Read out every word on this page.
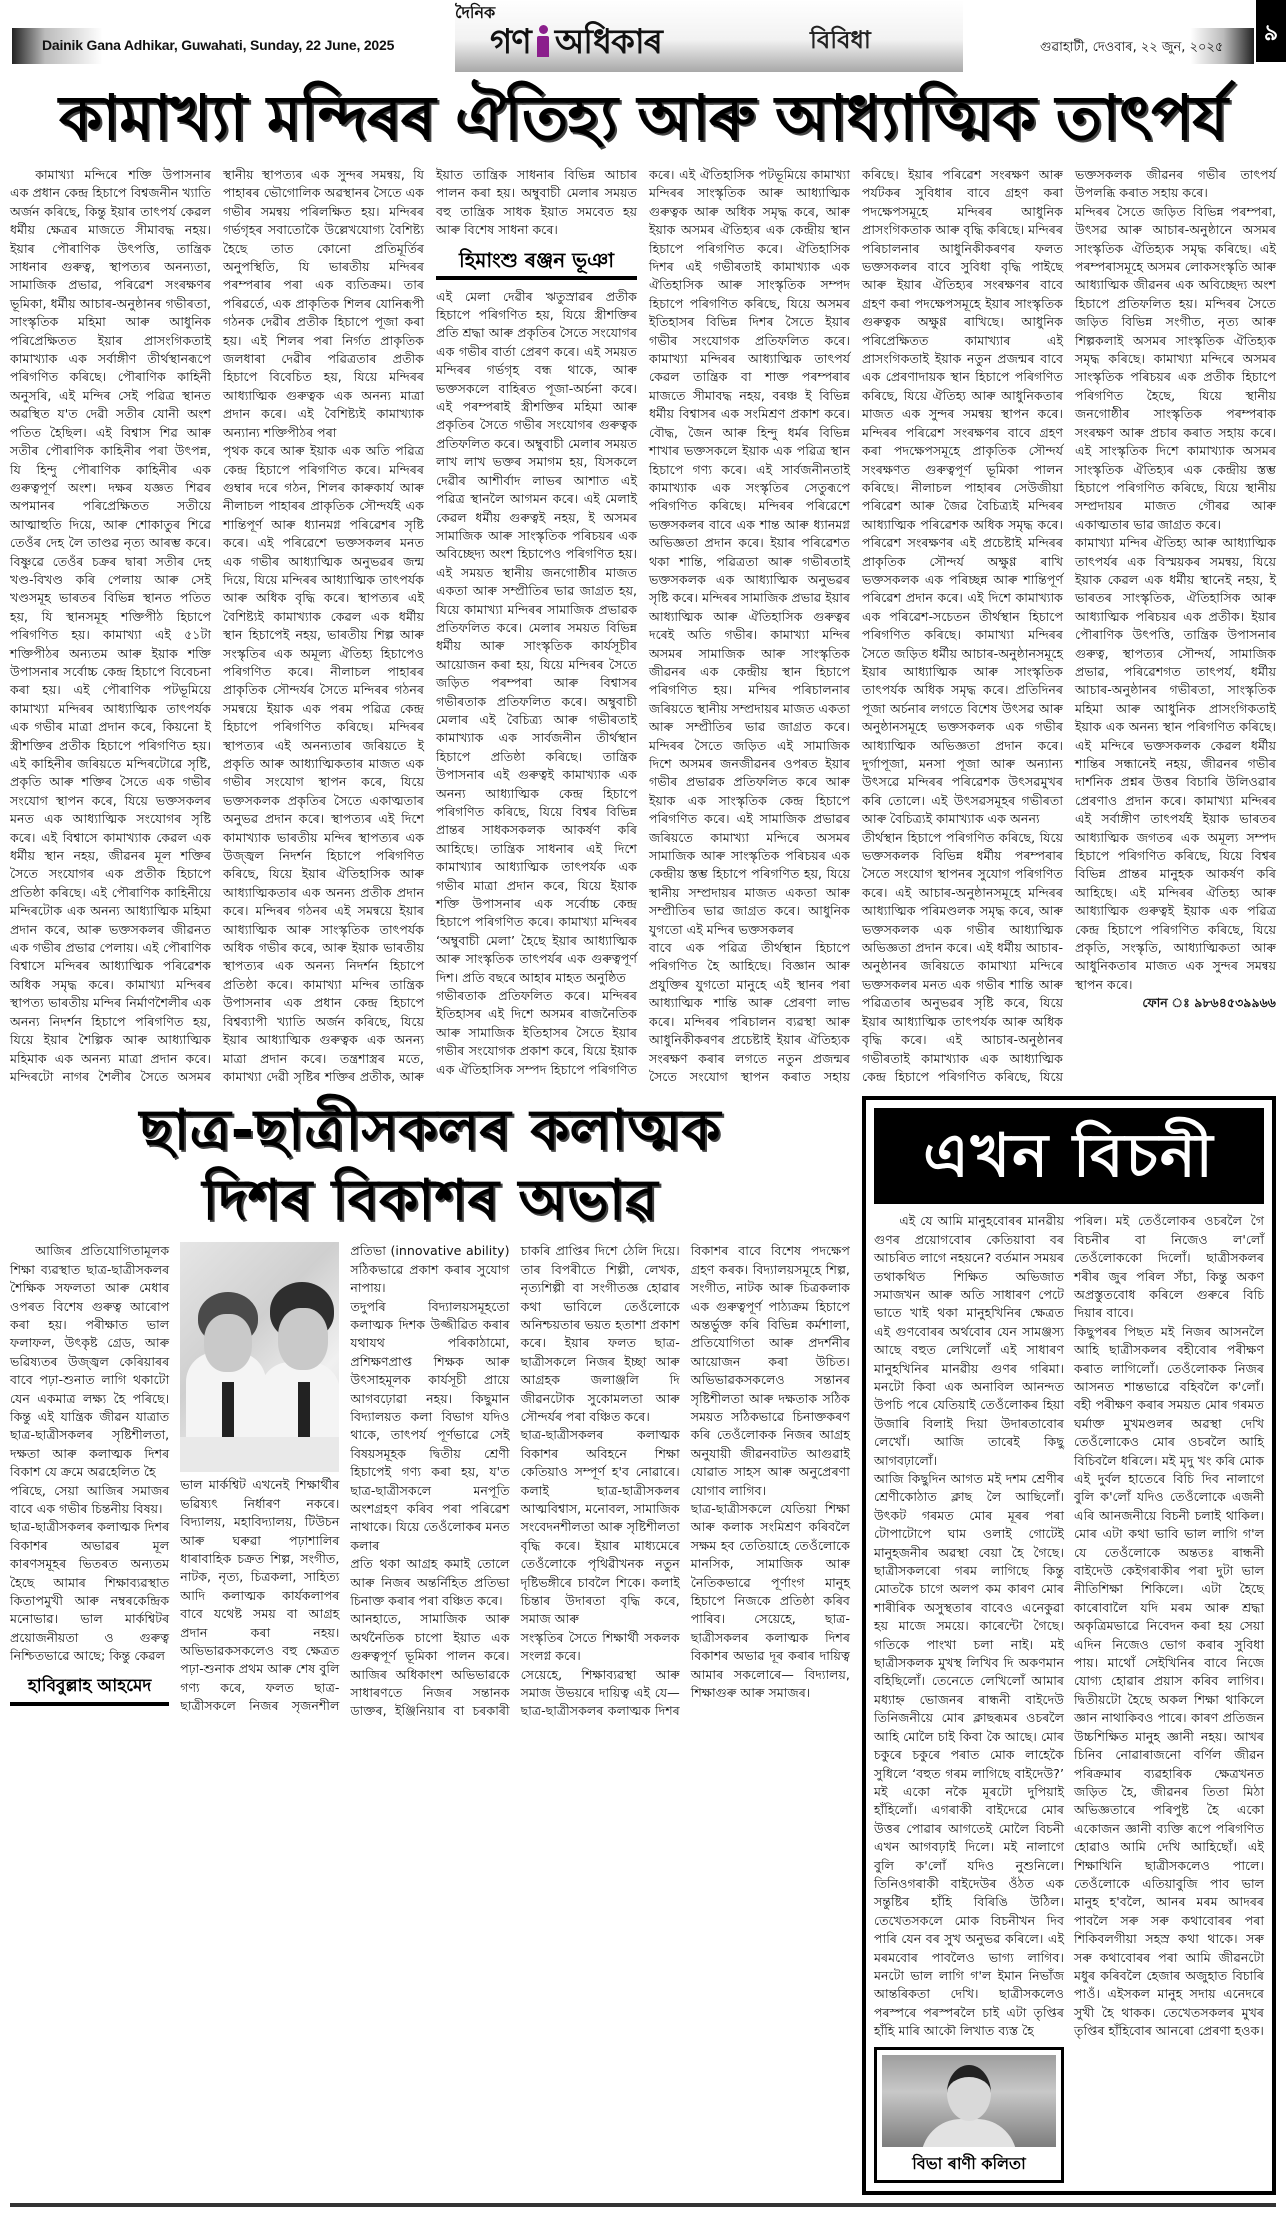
Dainik Gana Adhikar, Guwahati, Sunday, 22 June, 2025
দৈনিক
গণ অধিকাৰ	বিবিধা	গুৱাহাটী, দেওবাৰ, ২২ জুন, ২০২৫
৯
কামাখ্যা মন্দিৰৰ ঐতিহ্য আৰু আধ্যাত্মিক তাৎপৰ্য

কামাখ্যা মন্দিৰে শক্তি উপাসনাৰ এক প্ৰধান কেন্দ্ৰ হিচাপে বিশ্বজনীন খ্যাতি অৰ্জন কৰিছে, কিন্তু ইয়াৰ তাৎপৰ্য কেৱল ধৰ্মীয় ক্ষেত্ৰৰ মাজতে সীমাবদ্ধ নহয়। ইয়াৰ পৌৰাণিক উৎপত্তি, তান্ত্ৰিক সাধনাৰ গুৰুত্ব, স্থাপত্যৰ অনন্যতা, সামাজিক প্ৰভাৱ, পৰিৱেশ সংৰক্ষণৰ ভূমিকা, ধৰ্মীয় আচাৰ-অনুষ্ঠানৰ গভীৰতা, সাংস্কৃতিক মহিমা আৰু আধুনিক পৰিপ্ৰেক্ষিতত ইয়াৰ প্ৰাসংগিকতাই কামাখ্যাক এক সৰ্বাঙ্গীণ তীৰ্থস্থানৰূপে পৰিগণিত কৰিছে। পৌৰাণিক কাহিনী অনুসৰি, এই মন্দিৰ সেই পৱিত্ৰ স্থানত অৱস্থিত য'ত দেৱী সতীৰ যোনী অংশ পতিত হৈছিল। এই বিশ্বাস শিৱ আৰু সতীৰ পৌৰাণিক কাহিনীৰ পৰা উৎপন্ন, যি হিন্দু পৌৰাণিক কাহিনীৰ এক গুৰুত্বপূৰ্ণ অংশ। দক্ষৰ যজ্ঞত শিৱৰ অপমানৰ পৰিপ্ৰেক্ষিতত সতীয়ে আত্মাহুতি দিয়ে, আৰু শোকাতুৰ শিৱে তেওঁৰ দেহ লৈ তাণ্ডৱ নৃত্য আৰম্ভ কৰে। বিষ্ণুৱে তেওঁৰ চক্ৰৰ দ্বাৰা সতীৰ দেহ খণ্ড-বিখণ্ড কৰি পেলায় আৰু সেই খণ্ডসমূহ ভাৰতৰ বিভিন্ন স্থানত পতিত হয়, যি স্থানসমূহ শক্তিপীঠ হিচাপে পৰিগণিত হয়। কামাখ্যা এই ৫১টা শক্তিপীঠৰ অন্যতম আৰু ইয়াক শক্তি উপাসনাৰ সৰ্বোচ্চ কেন্দ্ৰ হিচাপে বিবেচনা কৰা হয়। এই পৌৰাণিক পটভূমিয়ে কামাখ্যা মন্দিৰৰ আধ্যাত্মিক তাৎপৰ্যক এক গভীৰ মাত্ৰা প্ৰদান কৰে, কিয়নো ই স্ত্ৰীশক্তিৰ প্ৰতীক হিচাপে পৰিগণিত হয়। এই কাহিনীৰ জৰিয়তে মন্দিৰটোৱে সৃষ্টি, প্ৰকৃতি আৰু শক্তিৰ সৈতে এক গভীৰ সংযোগ স্থাপন কৰে, যিয়ে ভক্তসকলৰ মনত এক আধ্যাত্মিক সংযোগৰ সৃষ্টি কৰে। এই বিশ্বাসে কামাখ্যাক কেৱল এক ধৰ্মীয় স্থান নহয়, জীৱনৰ মূল শক্তিৰ সৈতে সংযোগৰ এক প্ৰতীক হিচাপে প্ৰতিষ্ঠা কৰিছে। এই পৌৰাণিক কাহিনীয়ে মন্দিৰটোক এক অনন্য আধ্যাত্মিক মহিমা প্ৰদান কৰে, আৰু ভক্তসকলৰ জীৱনত এক গভীৰ প্ৰভাৱ পেলায়। এই পৌৰাণিক বিশ্বাসে মন্দিৰৰ আধ্যাত্মিক পৰিৱেশক অধিক সমৃদ্ধ কৰে। কামাখ্যা মন্দিৰৰ স্থাপত্য ভাৰতীয় মন্দিৰ নিৰ্মাণশৈলীৰ এক অনন্য নিদৰ্শন হিচাপে পৰিগণিত হয়, যিয়ে ইয়াৰ শৈল্পিক আৰু আধ্যাত্মিক মহিমাক এক অনন্য মাত্ৰা প্ৰদান কৰে। মন্দিৰটো নাগৰ শৈলীৰ সৈতে অসমৰ স্থানীয় স্থাপত্যৰ এক সুন্দৰ সমন্বয়, যি পাহাৰৰ ভৌগোলিক অৱস্থানৰ সৈতে এক গভীৰ সমন্বয় পৰিলক্ষিত হয়। মন্দিৰৰ গৰ্ভগৃহৰ সবাতোকৈ উল্লেখযোগ্য বৈশিষ্ট্য হৈছে তাত কোনো প্ৰতিমূৰ্তিৰ অনুপস্থিতি, যি ভাৰতীয় মন্দিৰৰ পৰম্পৰাৰ পৰা এক ব্যতিক্ৰম। তাৰ পৰিৱৰ্তে, এক প্ৰাকৃতিক শিলৰ যোনিৰূপী গঠনক দেৱীৰ প্ৰতীক হিচাপে পূজা কৰা হয়। এই শিলৰ পৰা নিৰ্গত প্ৰাকৃতিক জলধাৰা দেৱীৰ পৱিত্ৰতাৰ প্ৰতীক হিচাপে বিবেচিত হয়, যিয়ে মন্দিৰৰ আধ্যাত্মিক গুৰুত্বক এক অনন্য মাত্ৰা প্ৰদান কৰে। এই বৈশিষ্ট্যই কামাখ্যাক অন্যান্য শক্তিপীঠৰ পৰা

পৃথক কৰে আৰু ইয়াক এক অতি পৱিত্ৰ কেন্দ্ৰ হিচাপে পৰিগণিত কৰে। মন্দিৰৰ গুম্বাৰ দৰে গঠন, শিলৰ কাৰুকাৰ্য আৰু নীলাচল পাহাৰৰ প্ৰাকৃতিক সৌন্দৰ্যই এক শান্তিপূৰ্ণ আৰু ধ্যানমগ্ন পৰিৱেশৰ সৃষ্টি কৰে। এই পৰিৱেশে ভক্তসকলৰ মনত এক গভীৰ আধ্যাত্মিক অনুভৱৰ জন্ম দিয়ে, যিয়ে মন্দিৰৰ আধ্যাত্মিক তাৎপৰ্যক আৰু অধিক বৃদ্ধি কৰে। স্থাপত্যৰ এই বৈশিষ্ট্যই কামাখ্যাক কেৱল এক ধৰ্মীয় স্থান হিচাপেই নহয়, ভাৰতীয় শিল্প আৰু সংস্কৃতিৰ এক অমূল্য ঐতিহ্য হিচাপেও পৰিগণিত কৰে। নীলাচল পাহাৰৰ প্ৰাকৃতিক সৌন্দৰ্যৰ সৈতে মন্দিৰৰ গঠনৰ সমন্বয়ে ইয়াক এক পৰম পৱিত্ৰ কেন্দ্ৰ হিচাপে পৰিগণিত কৰিছে। মন্দিৰৰ স্থাপত্যৰ এই অনন্যতাৰ জৰিয়তে ই প্ৰকৃতি আৰু আধ্যাত্মিকতাৰ মাজত এক গভীৰ সংযোগ স্থাপন কৰে, যিয়ে ভক্তসকলক প্ৰকৃতিৰ সৈতে একাত্মতাৰ অনুভৱ প্ৰদান কৰে। স্থাপত্যৰ এই দিশে কামাখ্যাক ভাৰতীয় মন্দিৰ স্থাপত্যৰ এক উজ্জ্বল নিদৰ্শন হিচাপে পৰিগণিত কৰিছে, যিয়ে ইয়াৰ ঐতিহাসিক আৰু আধ্যাত্মিকতাৰ এক অনন্য প্ৰতীক প্ৰদান কৰে। মন্দিৰৰ গঠনৰ এই সমন্বয়ে ইয়াৰ আধ্যাত্মিক আৰু সাংস্কৃতিক তাৎপৰ্যক অধিক গভীৰ কৰে, আৰু ইয়াক ভাৰতীয় স্থাপত্যৰ এক অনন্য নিদৰ্শন হিচাপে প্ৰতিষ্ঠা কৰে। কামাখ্যা মন্দিৰ তান্ত্ৰিক উপাসনাৰ এক প্ৰধান কেন্দ্ৰ হিচাপে বিশ্বব্যাপী খ্যাতি অৰ্জন কৰিছে, যিয়ে ইয়াৰ আধ্যাত্মিক গুৰুত্বক এক অনন্য মাত্ৰা প্ৰদান কৰে। তন্ত্ৰশাস্ত্ৰৰ মতে, কামাখ্যা দেৱী সৃষ্টিৰ শক্তিৰ প্ৰতীক, আৰু ইয়াত তান্ত্ৰিক সাধনাৰ বিভিন্ন আচাৰ পালন কৰা হয়। অম্বুবাচী মেলাৰ সময়ত বহু তান্ত্ৰিক সাধক ইয়াত সমবেত হয় আৰু বিশেষ সাধনা কৰে।

হিমাংশু ৰঞ্জন ভূঞা

এই মেলা দেৱীৰ ঋতুস্ৰাৱৰ প্ৰতীক হিচাপে পৰিগণিত হয়, যিয়ে স্ত্ৰীশক্তিৰ প্ৰতি শ্ৰদ্ধা আৰু প্ৰকৃতিৰ সৈতে সংযোগৰ এক গভীৰ বাৰ্তা প্ৰেৰণ কৰে। এই সময়ত মন্দিৰৰ গৰ্ভগৃহ বন্ধ থাকে, আৰু ভক্তসকলে বাহিৰত পূজা-অৰ্চনা কৰে। এই পৰম্পৰাই স্ত্ৰীশক্তিৰ মহিমা আৰু প্ৰকৃতিৰ সৈতে গভীৰ সংযোগৰ গুৰুত্বক প্ৰতিফলিত কৰে। অম্বুবাচী মেলাৰ সময়ত লাখ লাখ ভক্তৰ সমাগম হয়, যিসকলে দেৱীৰ আশীৰ্বাদ লাভৰ আশাত এই পৱিত্ৰ স্থানলৈ আগমন কৰে। এই মেলাই কেৱল ধৰ্মীয় গুৰুত্বই নহয়, ই অসমৰ সামাজিক আৰু সাংস্কৃতিক পৰিচয়ৰ এক অবিচ্ছেদ্য অংশ হিচাপেও পৰিগণিত হয়। এই সময়ত স্থানীয় জনগোষ্ঠীৰ মাজত একতা আৰু সম্প্ৰীতিৰ ভাৱ জাগ্ৰত হয়, যিয়ে কামাখ্যা মন্দিৰৰ সামাজিক প্ৰভাৱক প্ৰতিফলিত কৰে। মেলাৰ সময়ত বিভিন্ন ধৰ্মীয় আৰু সাংস্কৃতিক কাৰ্যসূচীৰ আয়োজন কৰা হয়, যিয়ে মন্দিৰৰ সৈতে জড়িত পৰম্পৰা আৰু বিশ্বাসৰ গভীৰতাক প্ৰতিফলিত কৰে। অম্বুবাচী মেলাৰ এই বৈচিত্ৰ্য আৰু গভীৰতাই কামাখ্যাক এক সাৰ্বজনীন তীৰ্থস্থান হিচাপে প্ৰতিষ্ঠা কৰিছে। তান্ত্ৰিক উপাসনাৰ এই গুৰুত্বই কামাখ্যাক এক অনন্য আধ্যাত্মিক কেন্দ্ৰ হিচাপে পৰিগণিত কৰিছে, যিয়ে বিশ্বৰ বিভিন্ন প্ৰান্তৰ সাধকসকলক আকৰ্ষণ কৰি আহিছে। তান্ত্ৰিক সাধনাৰ এই দিশে কামাখ্যাৰ আধ্যাত্মিক তাৎপৰ্যক এক গভীৰ মাত্ৰা প্ৰদান কৰে, যিয়ে ইয়াক শক্তি উপাসনাৰ এক সৰ্বোচ্চ কেন্দ্ৰ হিচাপে পৰিগণিত কৰে। কামাখ্যা মন্দিৰৰ ‘অম্বুবাচী মেলা’ হৈছে ইয়াৰ আধ্যাত্মিক আৰু সাংস্কৃতিক তাৎপৰ্যৰ এক গুৰুত্বপূৰ্ণ দিশ। প্ৰতি বছৰে আহাৰ মাহত অনুষ্ঠিত

গভীৰতাক প্ৰতিফলিত কৰে। মন্দিৰৰ ইতিহাসৰ এই দিশে অসমৰ ৰাজনৈতিক আৰু সামাজিক ইতিহাসৰ সৈতে ইয়াৰ গভীৰ সংযোগক প্ৰকাশ কৰে, যিয়ে ইয়াক এক ঐতিহাসিক সম্পদ হিচাপে পৰিগণিত কৰে। এই ঐতিহাসিক পটভূমিয়ে কামাখ্যা মন্দিৰৰ সাংস্কৃতিক আৰু আধ্যাত্মিক গুৰুত্বক আৰু অধিক সমৃদ্ধ কৰে, আৰু ইয়াক অসমৰ ঐতিহ্যৰ এক কেন্দ্ৰীয় স্থান হিচাপে পৰিগণিত কৰে। ঐতিহাসিক দিশৰ এই গভীৰতাই কামাখ্যাক এক ঐতিহাসিক আৰু সাংস্কৃতিক সম্পদ হিচাপে পৰিগণিত কৰিছে, যিয়ে অসমৰ ইতিহাসৰ বিভিন্ন দিশৰ সৈতে ইয়াৰ গভীৰ সংযোগক প্ৰতিফলিত কৰে। কামাখ্যা মন্দিৰৰ আধ্যাত্মিক তাৎপৰ্য কেৱল তান্ত্ৰিক বা শাক্ত পৰম্পৰাৰ মাজতে সীমাবদ্ধ নহয়, বৰঞ্চ ই বিভিন্ন ধৰ্মীয় বিশ্বাসৰ এক সংমিশ্ৰণ প্ৰকাশ কৰে। বৌদ্ধ, জৈন আৰু হিন্দু ধৰ্মৰ বিভিন্ন শাখাৰ ভক্তসকলে ইয়াক এক পৱিত্ৰ স্থান হিচাপে গণ্য কৰে। এই সাৰ্বজনীনতাই কামাখ্যাক এক সংস্কৃতিৰ সেতুৰূপে পৰিগণিত কৰিছে। মন্দিৰৰ পৰিৱেশে ভক্তসকলৰ বাবে এক শান্ত আৰু ধ্যানমগ্ন অভিজ্ঞতা প্ৰদান কৰে। ইয়াৰ পৰিৱেশত থকা শান্তি, পৱিত্ৰতা আৰু গভীৰতাই ভক্তসকলক এক আধ্যাত্মিক অনুভৱৰ সৃষ্টি কৰে। মন্দিৰৰ সামাজিক প্ৰভাৱ ইয়াৰ আধ্যাত্মিক আৰু ঐতিহাসিক গুৰুত্বৰ দৰেই অতি গভীৰ। কামাখ্যা মন্দিৰ অসমৰ সামাজিক আৰু সাংস্কৃতিক জীৱনৰ এক কেন্দ্ৰীয় স্থান হিচাপে পৰিগণিত হয়। মন্দিৰ পৰিচালনাৰ জৰিয়তে স্থানীয় সম্প্ৰদায়ৰ মাজত একতা আৰু সম্প্ৰীতিৰ ভাৱ জাগ্ৰত কৰে। মন্দিৰৰ সৈতে জড়িত এই সামাজিক দিশে অসমৰ জনজীৱনৰ ওপৰত ইয়াৰ গভীৰ প্ৰভাৱক প্ৰতিফলিত কৰে আৰু ইয়াক এক সাংস্কৃতিক কেন্দ্ৰ হিচাপে পৰিগণিত কৰে। এই সামাজিক প্ৰভাৱৰ জৰিয়তে কামাখ্যা মন্দিৰে অসমৰ সামাজিক আৰু সাংস্কৃতিক পৰিচয়ৰ এক কেন্দ্ৰীয় স্তম্ভ হিচাপে পৰিগণিত হয়, যিয়ে স্থানীয় সম্প্ৰদায়ৰ মাজত একতা আৰু সম্প্ৰীতিৰ ভাৱ জাগ্ৰত কৰে। আধুনিক যুগতো এই মন্দিৰ ভক্তসকলৰ

বাবে এক পৱিত্ৰ তীৰ্থস্থান হিচাপে পৰিগণিত হৈ আহিছে। বিজ্ঞান আৰু প্ৰযুক্তিৰ যুগতো মানুহে এই স্থানৰ পৰা আধ্যাত্মিক শান্তি আৰু প্ৰেৰণা লাভ কৰে। মন্দিৰৰ পৰিচালন ব্যৱস্থা আৰু আধুনিকীকৰণৰ প্ৰচেষ্টাই ইয়াৰ ঐতিহ্যক সংৰক্ষণ কৰাৰ লগতে নতুন প্ৰজন্মৰ সৈতে সংযোগ স্থাপন কৰাত সহায় কৰিছে। ইয়াৰ পৰিৱেশ সংৰক্ষণ আৰু পৰ্যটকৰ সুবিধাৰ বাবে গ্ৰহণ কৰা পদক্ষেপসমূহে মন্দিৰৰ আধুনিক প্ৰাসংগিকতাক আৰু বৃদ্ধি কৰিছে। মন্দিৰৰ পৰিচালনাৰ আধুনিকীকৰণৰ ফলত ভক্তসকলৰ বাবে সুবিধা বৃদ্ধি পাইছে আৰু ইয়াৰ ঐতিহ্যৰ সংৰক্ষণৰ বাবে গ্ৰহণ কৰা পদক্ষেপসমূহে ইয়াৰ সাংস্কৃতিক গুৰুত্বক অক্ষুণ্ণ ৰাখিছে। আধুনিক পৰিপ্ৰেক্ষিতত কামাখ্যাৰ এই প্ৰাসংগিকতাই ইয়াক নতুন প্ৰজন্মৰ বাবে এক প্ৰেৰণাদায়ক স্থান হিচাপে পৰিগণিত কৰিছে, যিয়ে ঐতিহ্য আৰু আধুনিকতাৰ মাজত এক সুন্দৰ সমন্বয় স্থাপন কৰে। মন্দিৰৰ পৰিৱেশ সংৰক্ষণৰ বাবে গ্ৰহণ কৰা পদক্ষেপসমূহে প্ৰাকৃতিক সৌন্দৰ্য সংৰক্ষণত গুৰুত্বপূৰ্ণ ভূমিকা পালন কৰিছে। নীলাচল পাহাৰৰ সেউজীয়া পৰিৱেশ আৰু জৈৱ বৈচিত্ৰ্যই মন্দিৰৰ আধ্যাত্মিক পৰিৱেশক অধিক সমৃদ্ধ কৰে। পৰিৱেশ সংৰক্ষণৰ এই প্ৰচেষ্টাই মন্দিৰৰ প্ৰাকৃতিক সৌন্দৰ্য অক্ষুণ্ণ ৰাখি ভক্তসকলক এক পৰিচ্ছন্ন আৰু শান্তিপূৰ্ণ পৰিৱেশ প্ৰদান কৰে। এই দিশে কামাখ্যাক এক পৰিৱেশ-সচেতন তীৰ্থস্থান হিচাপে পৰিগণিত কৰিছে। কামাখ্যা মন্দিৰৰ সৈতে জড়িত ধৰ্মীয় আচাৰ-অনুষ্ঠানসমূহে ইয়াৰ আধ্যাত্মিক আৰু সাংস্কৃতিক তাৎপৰ্যক অধিক সমৃদ্ধ কৰে। প্ৰতিদিনৰ পূজা অৰ্চনাৰ লগতে বিশেষ উৎসৱ আৰু অনুষ্ঠানসমূহে ভক্তসকলক এক গভীৰ আধ্যাত্মিক অভিজ্ঞতা প্ৰদান কৰে। দুৰ্গাপূজা, মনসা পূজা আৰু অন্যান্য উৎসৱে মন্দিৰৰ পৰিৱেশক উৎসৱমুখৰ কৰি তোলে। এই উৎসৱসমূহৰ গভীৰতা আৰু বৈচিত্ৰ্যই কামাখ্যাক এক অনন্য

তীৰ্থস্থান হিচাপে পৰিগণিত কৰিছে, যিয়ে ভক্তসকলক বিভিন্ন ধৰ্মীয় পৰম্পৰাৰ সৈতে সংযোগ স্থাপনৰ সুযোগ পৰিগণিত কৰে। এই আচাৰ-অনুষ্ঠানসমূহে মন্দিৰৰ আধ্যাত্মিক পৰিমণ্ডলক সমৃদ্ধ কৰে, আৰু ভক্তসকলক এক গভীৰ আধ্যাত্মিক অভিজ্ঞতা প্ৰদান কৰে। এই ধৰ্মীয় আচাৰ-অনুষ্ঠানৰ জৰিয়তে কামাখ্যা মন্দিৰে ভক্তসকলৰ মনত এক গভীৰ শান্তি আৰু পৱিত্ৰতাৰ অনুভৱৰ সৃষ্টি কৰে, যিয়ে ইয়াৰ আধ্যাত্মিক তাৎপৰ্যক আৰু অধিক বৃদ্ধি কৰে। এই আচাৰ-অনুষ্ঠানৰ গভীৰতাই কামাখ্যাক এক আধ্যাত্মিক কেন্দ্ৰ হিচাপে পৰিগণিত কৰিছে, যিয়ে ভক্তসকলক জীৱনৰ গভীৰ তাৎপৰ্য উপলব্ধি কৰাত সহায় কৰে।
মন্দিৰৰ সৈতে জড়িত বিভিন্ন পৰম্পৰা, উৎসৱ আৰু আচাৰ-অনুষ্ঠানে অসমৰ সাংস্কৃতিক ঐতিহ্যক সমৃদ্ধ কৰিছে। এই পৰম্পৰাসমূহে অসমৰ লোকসংস্কৃতি আৰু আধ্যাত্মিক জীৱনৰ এক অবিচ্ছেদ্য অংশ হিচাপে প্ৰতিফলিত হয়। মন্দিৰৰ সৈতে জড়িত বিভিন্ন সংগীত, নৃত্য আৰু শিল্পকলাই অসমৰ সাংস্কৃতিক ঐতিহ্যক সমৃদ্ধ কৰিছে। কামাখ্যা মন্দিৰে অসমৰ সাংস্কৃতিক পৰিচয়ৰ এক প্ৰতীক হিচাপে পৰিগণিত হৈছে, যিয়ে স্থানীয় জনগোষ্ঠীৰ সাংস্কৃতিক পৰম্পৰাক সংৰক্ষণ আৰু প্ৰচাৰ কৰাত সহায় কৰে। এই সাংস্কৃতিক দিশে কামাখ্যাক অসমৰ সাংস্কৃতিক ঐতিহ্যৰ এক কেন্দ্ৰীয় স্তম্ভ হিচাপে পৰিগণিত কৰিছে, যিয়ে স্থানীয় সম্প্ৰদায়ৰ মাজত গৌৰৱ আৰু একাত্মতাৰ ভাৱ জাগ্ৰত কৰে।
কামাখ্যা মন্দিৰ ঐতিহ্য আৰু আধ্যাত্মিক তাৎপৰ্যৰ এক বিস্ময়কৰ সমন্বয়, যিয়ে ইয়াক কেৱল এক ধৰ্মীয় স্থানেই নহয়, ই ভাৰতৰ সাংস্কৃতিক, ঐতিহাসিক আৰু আধ্যাত্মিক পৰিচয়ৰ এক প্ৰতীক। ইয়াৰ পৌৰাণিক উৎপত্তি, তান্ত্ৰিক উপাসনাৰ গুৰুত্ব, স্থাপত্যৰ সৌন্দৰ্য, সামাজিক প্ৰভাৱ, পৰিৱেশগত তাৎপৰ্য, ধৰ্মীয় আচাৰ-অনুষ্ঠানৰ গভীৰতা, সাংস্কৃতিক মহিমা আৰু আধুনিক প্ৰাসংগিকতাই ইয়াক এক অনন্য স্থান পৰিগণিত কৰিছে। এই মন্দিৰে ভক্তসকলক কেৱল ধৰ্মীয় শান্তিৰ সন্ধানেই নহয়, জীৱনৰ গভীৰ দাৰ্শনিক প্ৰশ্নৰ উত্তৰ বিচাৰি উলিওৱাৰ প্ৰেৰণাও প্ৰদান কৰে। কামাখ্যা মন্দিৰৰ এই সৰ্বাঙ্গীণ তাৎপৰ্যই ইয়াক ভাৰতৰ আধ্যাত্মিক জগতৰ এক অমূল্য সম্পদ হিচাপে পৰিগণিত কৰিছে, যিয়ে বিশ্বৰ বিভিন্ন প্ৰান্তৰ মানুহক আকৰ্ষণ কৰি আহিছে। এই মন্দিৰৰ ঐতিহ্য আৰু আধ্যাত্মিক গুৰুত্বই ইয়াক এক পৱিত্ৰ কেন্দ্ৰ হিচাপে পৰিগণিত কৰিছে, যিয়ে প্ৰকৃতি, সংস্কৃতি, আধ্যাত্মিকতা আৰু আধুনিকতাৰ মাজত এক সুন্দৰ সমন্বয় স্থাপন কৰে।

ফোন ঃ ৯৮৬৪৫৩৯৯৬৬

ছাত্ৰ-ছাত্ৰীসকলৰ কলাত্মক
দিশৰ বিকাশৰ অভাৱ

আজিৰ প্ৰতিযোগিতামূলক শিক্ষা ব্যৱস্থাত ছাত্ৰ-ছাত্ৰীসকলৰ শৈক্ষিক সফলতা আৰু মেধাৰ ওপৰত বিশেষ গুৰুত্ব আৰোপ কৰা হয়। পৰীক্ষাত ভাল ফলাফল, উৎকৃষ্ট গ্ৰেড, আৰু ভৱিষ্যতৰ উজ্জ্বল কেৰিয়াৰৰ বাবে পঢ়া-শুনাত লাগি থকাটো যেন একমাত্ৰ লক্ষ্য হৈ পৰিছে। কিন্তু এই যান্ত্ৰিক জীৱন যাত্ৰাত ছাত্ৰ-ছাত্ৰীসকলৰ সৃষ্টিশীলতা, দক্ষতা আৰু কলাত্মক দিশৰ বিকাশ যে ক্ৰমে অৱহেলিত হৈ

পৰিছে, সেয়া আজিৰ সমাজৰ বাবে এক গভীৰ চিন্তনীয় বিষয়।
ছাত্ৰ-ছাত্ৰীসকলৰ কলাত্মক দিশৰ বিকাশৰ অভাৱৰ মূল কাৰণসমূহৰ ভিতৰত অন্যতম হৈছে আমাৰ শিক্ষাব্যৱস্থাত কিতাপমুখী আৰু নম্বৰকেন্দ্ৰিক মনোভাৱ। ভাল মাৰ্কশ্বিটৰ প্ৰয়োজনীয়তা ও গুৰুত্ব নিশ্চিতভাৱে আছে; কিন্তু কেৱল

হাবিবুল্লাহ আহমেদ

ভাল মাৰ্কশ্বিট এখনেই শিক্ষাৰ্থীৰ ভৱিষ্যৎ নিৰ্ধাৰণ নকৰে। বিদ্যালয়, মহাবিদ্যালয়, টিউচন আৰু ঘৰুৱা পঢ়াশালিৰ ধাৰাবাহিক চক্ৰত শিল্প, সংগীত, নাটক, নৃত্য, চিত্ৰকলা, সাহিত্য আদি কলাত্মক কাৰ্যকলাপৰ বাবে যথেষ্ট সময় বা আগ্ৰহ প্ৰদান কৰা নহয়। অভিভাৱকসকলেও বহু ক্ষেত্ৰত পঢ়া-শুনাক প্ৰথম আৰু শেষ বুলি গণ্য কৰে, ফলত ছাত্ৰ-ছাত্ৰীসকলে নিজৰ সৃজনশীল প্ৰতিভা (innovative ability) সঠিকভাৱে প্ৰকাশ কৰাৰ সুযোগ নাপায়।
তদুপৰি বিদ্যালয়সমূহতো কলাত্মক দিশক উজ্জীৱিত কৰাৰ যথাযথ পৰিকাঠামো, প্ৰশিক্ষণপ্ৰাপ্ত শিক্ষক আৰু উৎসাহমূলক কাৰ্যসূচী প্ৰায়ে আগবঢ়োৱা নহয়। কিছুমান বিদ্যালয়ত কলা বিভাগ যদিও থাকে, তাৎপৰ্য পূৰ্ণভাৱে সেই বিষয়সমূহক দ্বিতীয় শ্ৰেণী হিচাপেই গণ্য কৰা হয়, য'ত ছাত্ৰ-ছাত্ৰীসকলে মনপূতি অংশগ্ৰহণ কৰিব পৰা পৰিৱেশ নাথাকে। যিয়ে তেওঁলোকৰ মনত কলাৰ

প্ৰতি থকা আগ্ৰহ কমাই তোলে আৰু নিজৰ অন্তৰ্নিহিত প্ৰতিভা চিনাক্ত কৰাৰ পৰা বঞ্চিত কৰে।
আনহাতে, সামাজিক আৰু অৰ্থনৈতিক চাপো ইয়াত এক গুৰুত্বপূৰ্ণ ভূমিকা পালন কৰে। আজিৰ অধিকাংশ অভিভাৱকে সাধাৰণতে নিজৰ সন্তানক ডাক্তৰ, ইঞ্জিনিয়াৰ বা চৰকাৰী চাকৰি প্ৰাপ্তিৰ দিশে ঠেলি দিয়ে। তাৰ বিপৰীতে শিল্পী, লেখক, নৃত্যশিল্পী বা সংগীতজ্ঞ হোৱাৰ কথা ভাবিলে তেওঁলোকে অনিশ্চয়তাৰ ভয়ত হতাশা প্ৰকাশ কৰে। ইয়াৰ ফলত ছাত্ৰ-ছাত্ৰীসকলে নিজৰ ইচ্ছা আৰু আগ্ৰহক জলাঞ্জলি দি জীৱনটোক সুকোমলতা আৰু সৌন্দৰ্যৰ পৰা বঞ্চিত কৰে।
ছাত্ৰ-ছাত্ৰীসকলৰ কলাত্মক বিকাশৰ অবিহনে শিক্ষা কেতিয়াও সম্পূৰ্ণ হ'ব নোৱাৰে। কলাই ছাত্ৰ-ছাত্ৰীসকলৰ আত্মবিশ্বাস, মনোবল, সামাজিক সংবেদনশীলতা আৰু সৃষ্টিশীলতা বৃদ্ধি কৰে। ইয়াৰ মাধ্যমেৰে তেওঁলোকে পৃথিৱীখনক নতুন দৃষ্টিভঙ্গীৰে চাবলৈ শিকে। কলাই চিন্তাৰ উদাৰতা বৃদ্ধি কৰে, সমাজ আৰু

সংস্কৃতিৰ সৈতে শিক্ষাৰ্থী সকলক সংলগ্ন কৰে।
সেয়েহে, শিক্ষাব্যৱস্থা আৰু সমাজ উভয়ৰে দায়িত্ব এই যে— ছাত্ৰ-ছাত্ৰীসকলৰ কলাত্মক দিশৰ বিকাশৰ বাবে বিশেষ পদক্ষেপ গ্ৰহণ কৰক। বিদ্যালয়সমূহে শিল্প, সংগীত, নাটক আৰু চিত্ৰকলাক এক গুৰুত্বপূৰ্ণ পাঠ্যক্ৰম হিচাপে অন্তৰ্ভুক্ত কৰি বিভিন্ন কৰ্মশালা, প্ৰতিযোগিতা আৰু প্ৰদৰ্শনীৰ আয়োজন কৰা উচিত। অভিভাৱকসকলেও সন্তানৰ সৃষ্টিশীলতা আৰু দক্ষতাক সঠিক সময়ত সঠিকভাৱে চিনাক্তকৰণ কৰি তেওঁলোকক নিজৰ আগ্ৰহ অনুযায়ী জীৱনবাটত আগুৱাই যোৱাত সাহস আৰু অনুপ্ৰেৰণা যোগাব লাগিব।
ছাত্ৰ-ছাত্ৰীসকলে যেতিয়া শিক্ষা আৰু কলাক সংমিশ্ৰণ কৰিবলৈ সক্ষম হব তেতিয়াহে তেওঁলোকে মানসিক, সামাজিক আৰু নৈতিকভাৱে পূৰ্ণাংগ মানুহ হিচাপে নিজকে প্ৰতিষ্ঠা কৰিব পাৰিব। সেয়েহে, ছাত্ৰ-ছাত্ৰীসকলৰ কলাত্মক দিশৰ বিকাশৰ অভাৱ দূৰ কৰাৰ দায়িত্ব আমাৰ সকলোৰে— বিদ্যালয়, শিক্ষাগুৰু আৰু সমাজৰ।

এখন বিচনী

এই যে আমি মানুহবোৰৰ মানৱীয় গুণৰ প্ৰয়োগবোৰ কেতিয়াবা বৰ আচৰিত লাগে নহয়নে? বৰ্তমান সময়ৰ তথাকথিত শিক্ষিত অভিজাত সমাজখন আৰু অতি সাধাৰণ পেটে ভাতে খাই থকা মানুহখিনিৰ ক্ষেত্ৰত এই গুণবোৰৰ অৰ্থবোৰ যেন সামঞ্জস্য আছে বহুত লেখিলোঁ এই সাধাৰণ মানুহখিনিৰ মানৱীয় গুণৰ গৰিমা। মনটো কিবা এক অনাবিল আনন্দত উপচি পৰে যেতিয়াই তেওঁলোকৰ হিয়া উজাৰি বিলাই দিয়া উদাৰতাবোৰ লেখোঁ। আজি তাৰেই কিছু আগবঢ়ালোঁ।
আজি কিছুদিন আগত মই দশম শ্ৰেণীৰ শ্ৰেণীকোঠাত ক্লাছ লৈ আছিলোঁ। উৎকট গৰমত মোৰ মূৰৰ পৰা টোপাটোপে ঘাম ওলাই গোটেই মানুহজনীৰ অৱস্থা বেয়া হৈ গৈছে। ছাত্ৰীসকলৰো গৰম লাগিছে কিন্তু মোতকৈ চাগে অলপ কম কাৰণ মোৰ শাৰীৰিক অসুস্থতাৰ বাবেও এনেকুৱা হয় মাজে সময়ে। কাৰেন্টো গৈছে। গতিকে পাংখা চলা নাই। মই ছাত্ৰীসকলক মুখস্থ লিখিব দি অকণমান বহিছিলোঁ। তেনেতে লেখিলোঁ আমাৰ মধ্যাহ্ন ভোজনৰ ৰান্ধনী বাইদেউ তিনিজনীয়ে মোৰ ক্লাছৰূমৰ ওচৰলৈ আহি মোলৈ চাই কিবা কৈ আছে। মোৰ চকুৰে চকুৰে পৰাত মোক লাহেকৈ সুধিলে ‘বহুত গৰম লাগিছে বাইদেউ?’ মই একো নকৈ মূৰটো দুপিয়াই হাঁহিলোঁ। এগৰাকী বাইদেৱে মোৰ উত্তৰ পোৱাৰ আগতেই মোলৈ বিচনী এখন আগবঢ়াই দিলে। মই নালাগে বুলি ক'লোঁ যদিও নুশুনিলে। তিনিওগৰাকী বাইদেউৰ ওঁঠত এক সন্তুষ্টিৰ হাঁহি বিৰিঙি উঠিল। তেখেতসকলে মোক বিচনীখন দিব পাৰি যেন বৰ সুখ অনুভৱ কৰিলে। এই মৰমবোৰ পাবলৈও ভাগ্য লাগিব। মনটো ভাল লাগি গ'ল ইমান নিভাঁজ আন্তৰিকতা দেখি। ছাত্ৰীসকলেও পৰস্পৰে পৰস্পৰলৈ চাই এটা তৃপ্তিৰ হাঁহি মাৰি আকৌ লিখাত ব্যস্ত হৈ

বিভা ৰাণী কলিতা

পৰিল। মই তেওঁলোকৰ ওচৰলৈ গৈ বিচনীৰ বা নিজেও ল'লোঁ তেওঁলোককো দিলোঁ। ছাত্ৰীসকলৰ শৰীৰ জুৰ পৰিল সঁচা, কিন্তু অকণ অপ্ৰস্তুতবোধ কৰিলে গুৰুৰে বিচি দিয়াৰ বাবে।
কিছুপৰৰ পিছত মই নিজৰ আসনলৈ আহি ছাত্ৰীসকলৰ বহীবোৰ পৰীক্ষণ কৰাত লাগিলোঁ। তেওঁলোকক নিজৰ আসনত শান্তভাৱে বহিবলৈ ক'লোঁ। বহী পৰীক্ষণ কৰাৰ সময়ত মোৰ গৰমত ঘৰ্মাক্ত মুখমণ্ডলৰ অৱস্থা দেখি তেওঁলোকেও মোৰ ওচৰলৈ আহি বিচিবলৈ ধৰিলে। মই মৃদু খং কৰি মোক এই দুৰ্বল হাতেৰে বিচি দিব নালাগে বুলি ক'লোঁ যদিও তেওঁলোকে এজনী এৰি আনজনীয়ে বিচনী চলাই থাকিল। মোৰ এটা কথা ভাবি ভাল লাগি গ'ল যে তেওঁলোকে অন্ততঃ ৰান্ধনী বাইদেউ কেইগৰাকীৰ পৰা দুটা ভাল নীতিশিক্ষা শিকিলে। এটা হৈছে কাৰোবালৈ যদি মৰম আৰু শ্ৰদ্ধা অকৃত্ৰিমভাৱে নিবেদন কৰা হয় সেয়া এদিন নিজেও ভোগ কৰাৰ সুবিধা পায়। মাথোঁ সেইখিনিৰ বাবে নিজে যোগ্য হোৱাৰ প্ৰয়াস কৰিব লাগিব। দ্বিতীয়টো হৈছে অকল শিক্ষা থাকিলে জ্ঞান নাথাকিবও পাৰে। কাৰণ প্ৰতিজন উচ্চশিক্ষিত মানুহ জ্ঞানী নহয়। আখৰ চিনিব নোৱাৰাজনো বৰ্ণিল জীৱন পৰিক্ৰমাৰ ব্যৱহাৰিক ক্ষেত্ৰখনত জড়িত হৈ, জীৱনৰ তিতা মিঠা অভিজ্ঞতাৰে পৰিপুষ্ট হৈ একো একোজন জ্ঞানী ব্যক্তি ৰূপে পৰিগণিত হোৱাও আমি দেখি আহিছোঁ। এই শিক্ষাখিনি ছাত্ৰীসকলেও পালে। তেওঁলোকে এতিয়াবুজি পাব ভাল মানুহ হ'বলৈ, আনৰ মৰম আদৰৰ পাবলৈ সৰু সৰু কথাবোৰৰ পৰা শিকিবলগীয়া সহস্ৰ কথা থাকে। সৰু সৰু কথাবোৰৰ পৰা আমি জীৱনটো মধুৰ কৰিবলৈ হেজাৰ অজুহাত বিচাৰি পাওঁ। এইসকল মানুহ সদায় এনেদৰে সুখী হৈ থাকক। তেখেতসকলৰ মুখৰ তৃপ্তিৰ হাঁহিবোৰ আনৰো প্ৰেৰণা হওক।
